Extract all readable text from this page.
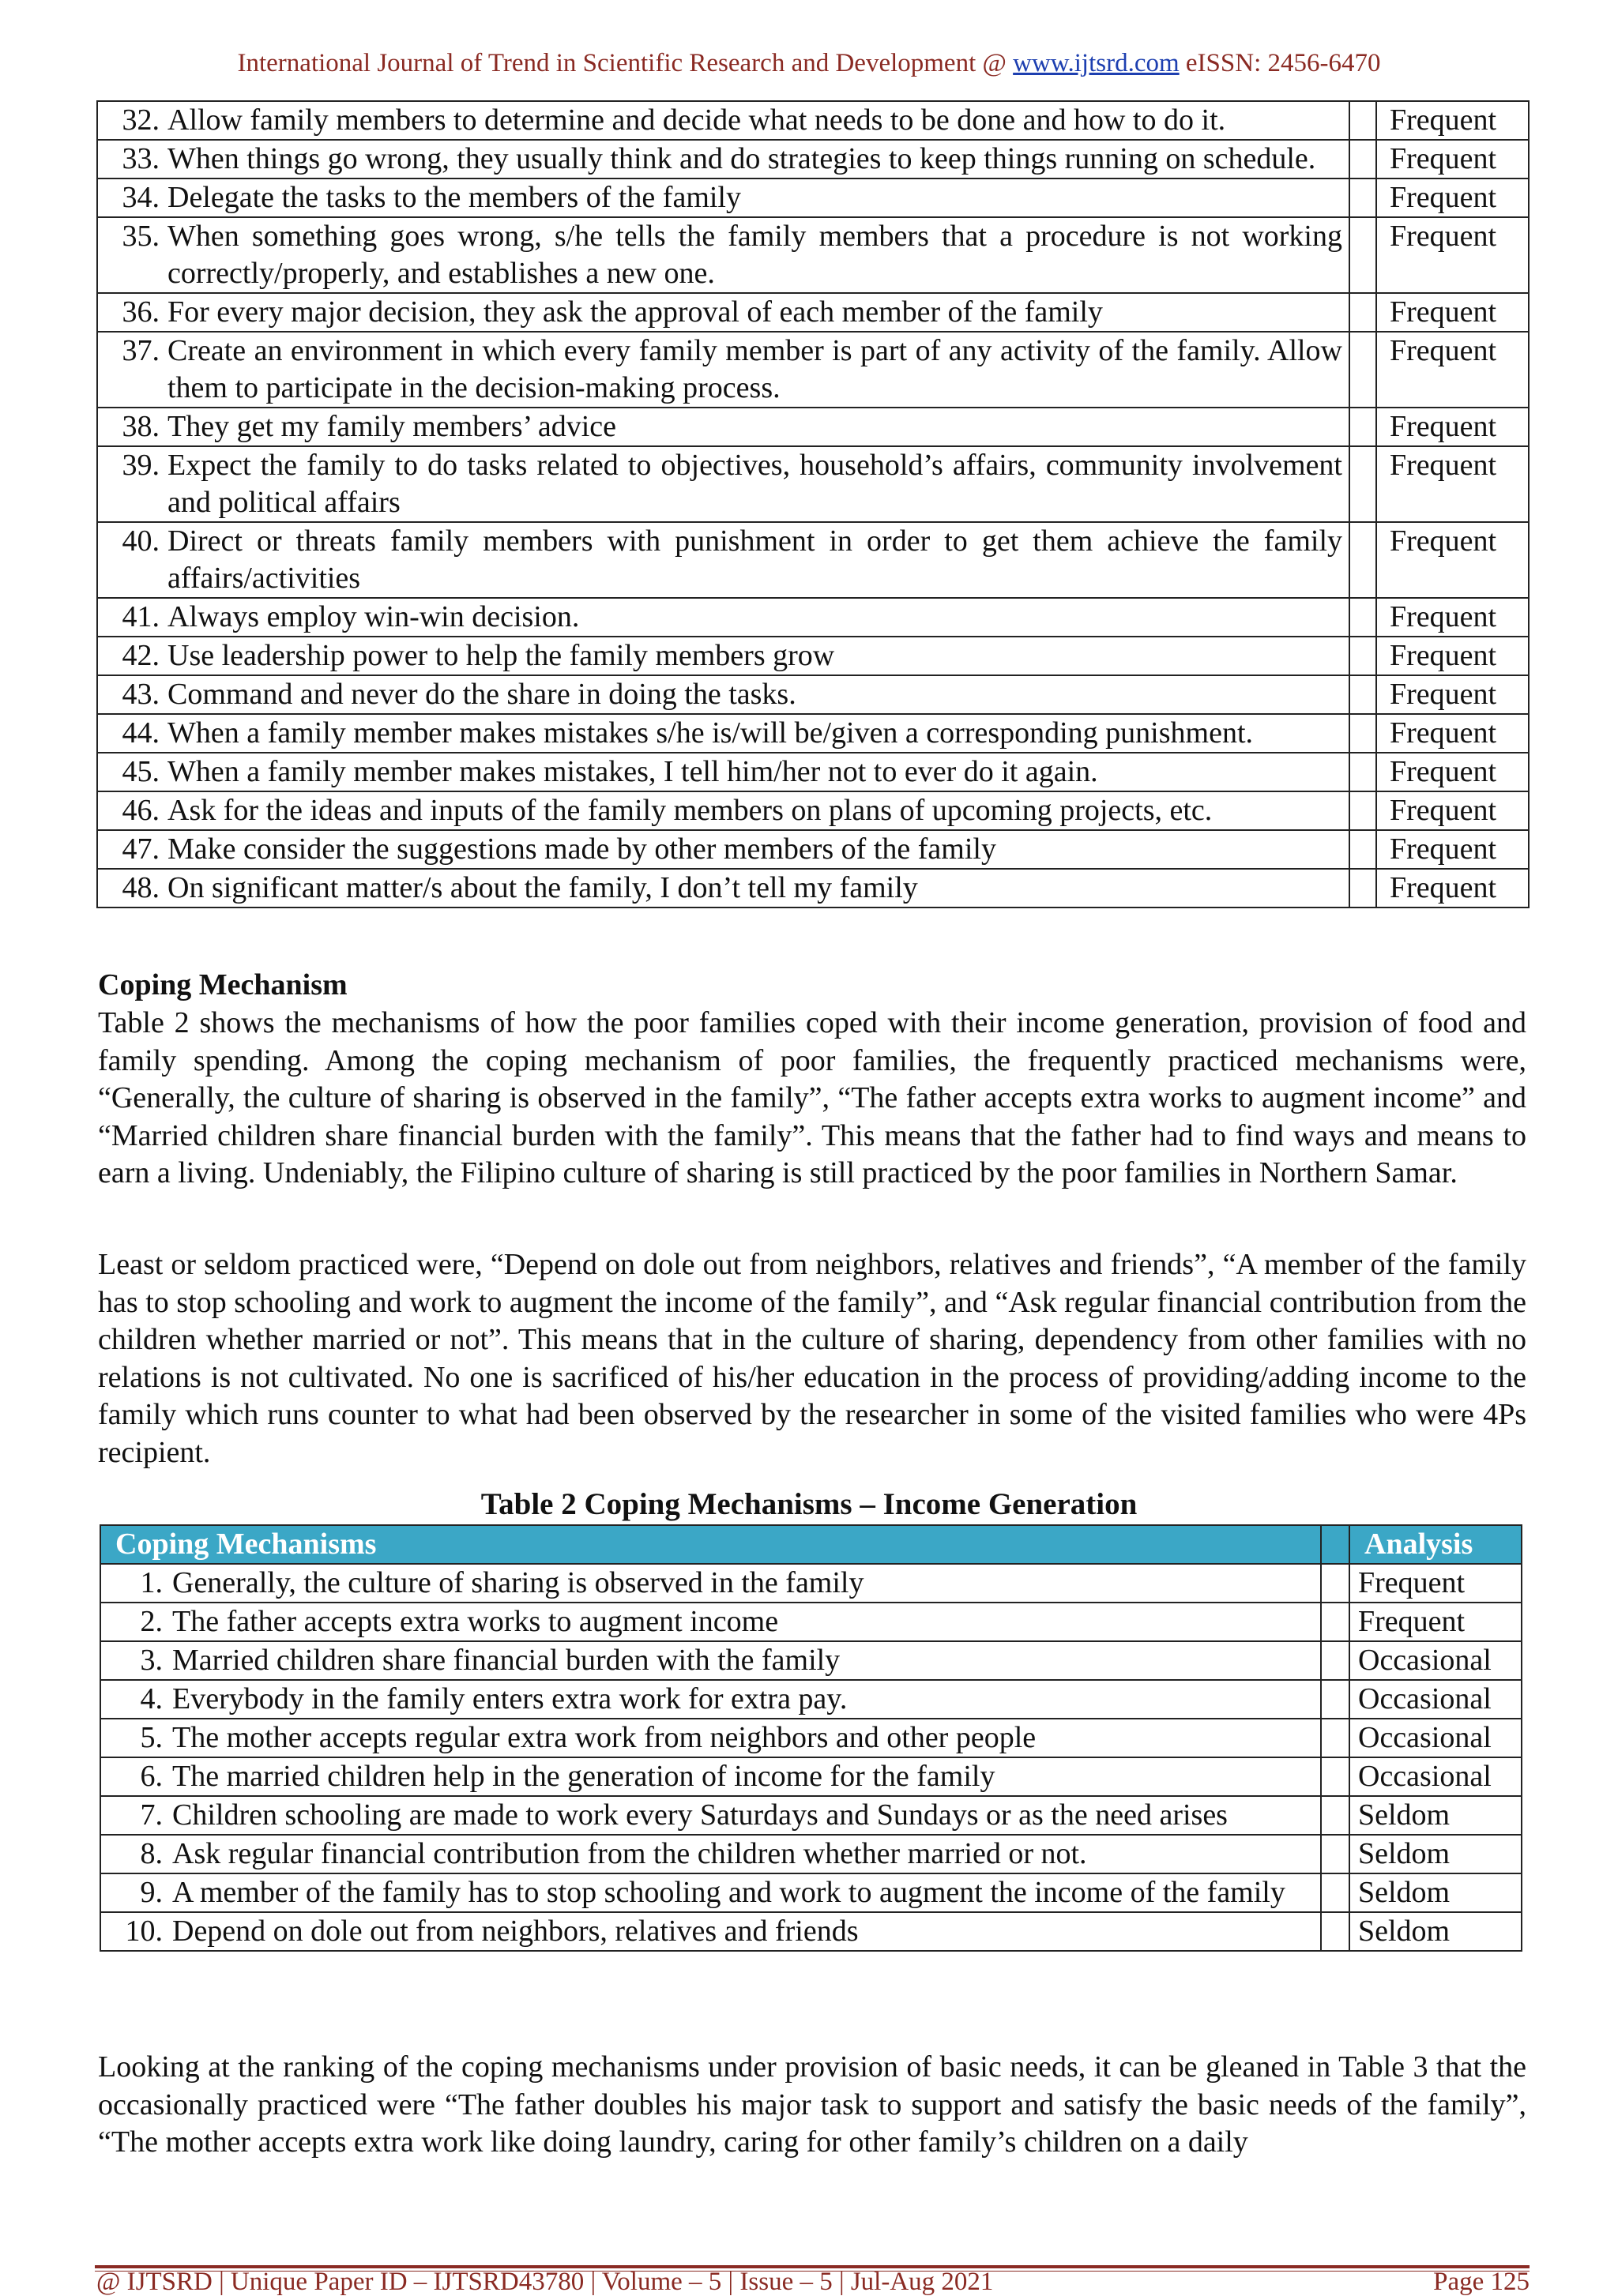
International Journal of Trend in Scientific Research and Development @ www.ijtsrd.com eISSN: 2456-6470
32. Allow family members to determine and decide what needs to be done and how to do it.		Frequent

33. When things go wrong, they usually think and do strategies to keep things running on schedule.		Frequent

34. Delegate the tasks to the members of the family		Frequent

35. When something goes wrong, s/he tells the family members that a procedure is not working correctly/properly, and establishes a new one.		Frequent

36. For every major decision, they ask the approval of each member of the family		Frequent

37. Create an environment in which every family member is part of any activity of the family. Allow them to participate in the decision-making process.		Frequent

38. They get my family members’ advice		Frequent

39. Expect the family to do tasks related to objectives, household’s affairs, community involvement and political affairs		Frequent

40. Direct or threats family members with punishment in order to get them achieve the family affairs/activities		Frequent

41. Always employ win-win decision.		Frequent

42. Use leadership power to help the family members grow		Frequent

43. Command and never do the share in doing the tasks.		Frequent

44. When a family member makes mistakes s/he is/will be/given a corresponding punishment.		Frequent

45. When a family member makes mistakes, I tell him/her not to ever do it again.		Frequent

46. Ask for the ideas and inputs of the family members on plans of upcoming projects, etc.		Frequent

47. Make consider the suggestions made by other members of the family		Frequent

48. On significant matter/s about the family, I don’t tell my family		Frequent
Coping Mechanism

Table 2 shows the mechanisms of how the poor families coped with their income generation, provision of food and family spending. Among the coping mechanism of poor families, the frequently practiced mechanisms were, “Generally, the culture of sharing is observed in the family”, “The father accepts extra works to augment income” and “Married children share financial burden with the family”. This means that the father had to find ways and means to earn a living. Undeniably, the Filipino culture of sharing is still practiced by the poor families in Northern Samar.

Least or seldom practiced were, “Depend on dole out from neighbors, relatives and friends”, “A member of the family has to stop schooling and work to augment the income of the family”, and “Ask regular financial contribution from the children whether married or not”. This means that in the culture of sharing, dependency from other families with no relations is not cultivated. No one is sacrificed of his/her education in the process of providing/adding income to the family which runs counter to what had been observed by the researcher in some of the visited families who were 4Ps recipient.

Table 2 Coping Mechanisms – Income Generation
Coping Mechanisms		Analysis

1. Generally, the culture of sharing is observed in the family		Frequent

2. The father accepts extra works to augment income		Frequent

3. Married children share financial burden with the family		Occasional

4. Everybody in the family enters extra work for extra pay.		Occasional

5. The mother accepts regular extra work from neighbors and other people		Occasional

6. The married children help in the generation of income for the family		Occasional

7. Children schooling are made to work every Saturdays and Sundays or as the need arises		Seldom

8. Ask regular financial contribution from the children whether married or not.		Seldom

9. A member of the family has to stop schooling and work to augment the income of the family		Seldom

10. Depend on dole out from neighbors, relatives and friends		Seldom

Looking at the ranking of the coping mechanisms under provision of basic needs, it can be gleaned in Table 3 that the occasionally practiced were “The father doubles his major task to support and satisfy the basic needs of the family”, “The mother accepts extra work like doing laundry, caring for other family’s children on a daily

@ IJTSRD | Unique Paper ID – IJTSRD43780 | Volume – 5 | Issue – 5 | Jul-Aug 2021	Page 125
